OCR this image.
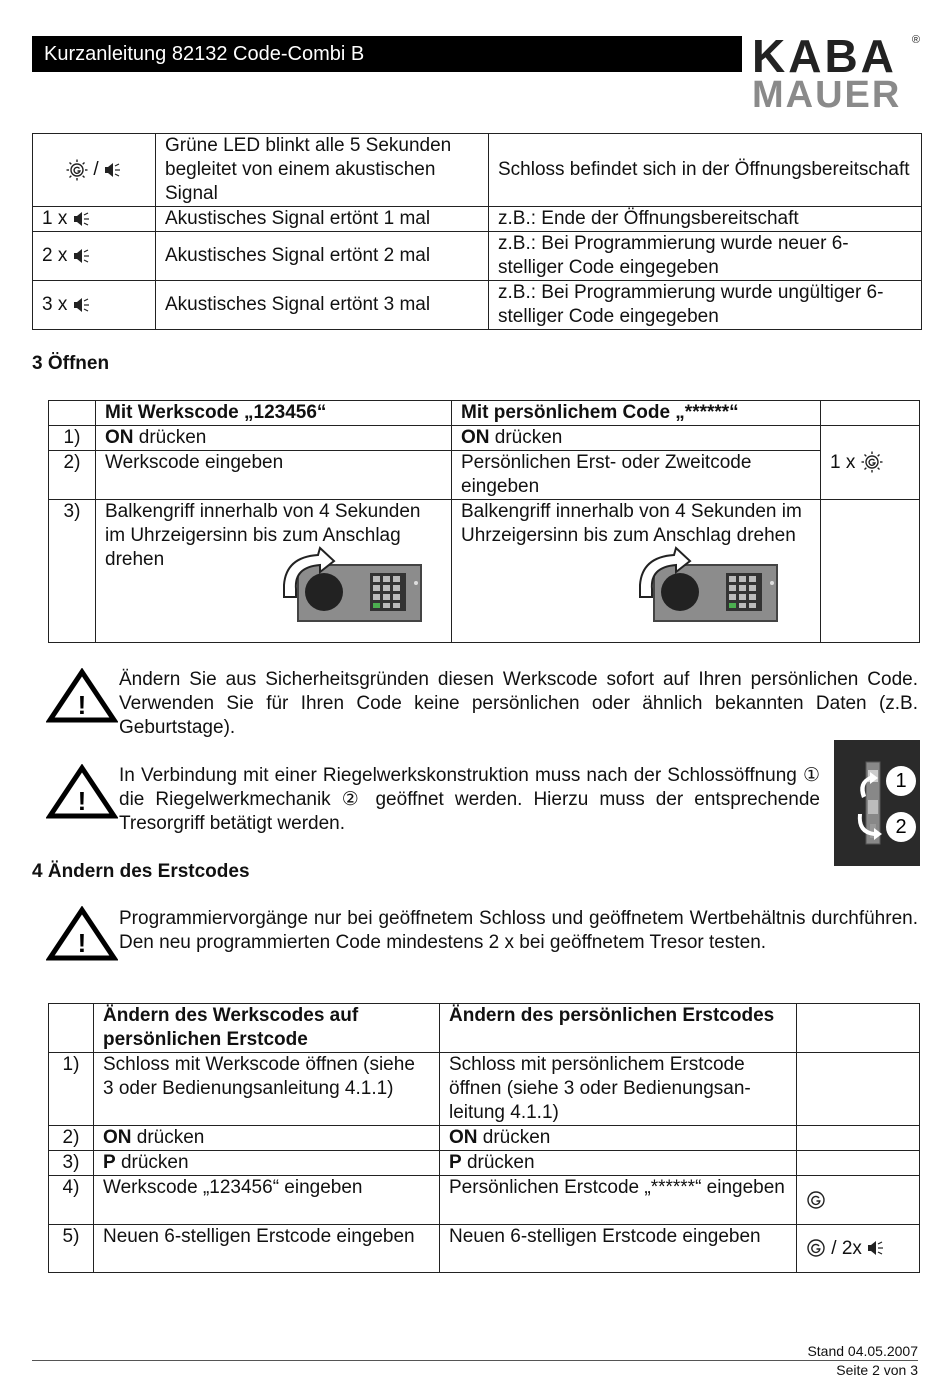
Kurzanleitung 82132 Code-Combi B	KABA
MAUER
®
/	Grüne LED blinkt alle 5 Sekunden begleitet von einem akustischen Signal	Schloss befindet sich in der Öffnungsbereitschaft
1 x	Akustisches Signal ertönt 1 mal	z.B.: Ende der Öffnungsbereitschaft
2 x	Akustisches Signal ertönt 2 mal	z.B.: Bei Programmierung wurde neuer 6-stelliger Code eingegeben
3 x	Akustisches Signal ertönt 3 mal	z.B.: Bei Programmierung wurde ungültiger 6-stelliger Code eingegeben
3 Öffnen
	Mit Werkscode „123456“	Mit persönlichem Code „******“	
1)	ON drücken	ON drücken	1 x
2)	Werkscode eingeben	Persönlichen Erst- oder Zweitcode eingeben	
3)	Balkengriff innerhalb von 4 Sekunden im Uhrzeigersinn bis zum Anschlag drehen	Balkengriff innerhalb von 4 Sekunden im Uhrzeigersinn bis zum Anschlag drehen	

!
Ändern Sie aus Sicherheitsgründen diesen Werkscode sofort auf Ihren persönlichen Code. Verwenden Sie für Ihren Code keine persönlichen oder ähnlich bekannten Daten (z.B. Geburtstage).
!
In Verbindung mit einer Riegelwerkskonstruktion muss nach der Schlossöffnung ① die Riegelwerkmechanik ② geöffnet werden. Hierzu muss der entsprechende Tresorgriff betätigt werden.
1
2
4 Ändern des Erstcodes
!
Programmiervorgänge nur bei geöffnetem Schloss und geöffnetem Wertbehältnis durchführen. Den neu programmierten Code mindestens 2 x bei geöffnetem Tresor testen.
	Ändern des Werkscodes auf persönlichen Erstcode	Ändern des persönlichen Erstcodes	
1)	Schloss mit Werkscode öffnen (siehe 3 oder Bedienungsanleitung 4.1.1)	Schloss mit persönlichem Erstcode öffnen (siehe 3 oder Bedienungsan-leitung 4.1.1)	
2)	ON drücken	ON drücken	
3)	P drücken	P drücken	
4)	Werkscode „123456“ eingeben	Persönlichen Erstcode „******“ eingeben	
5)	Neuen 6-stelligen Erstcode eingeben	Neuen 6-stelligen Erstcode eingeben	/ 2x
Stand 04.05.2007
Seite 2 von 3
